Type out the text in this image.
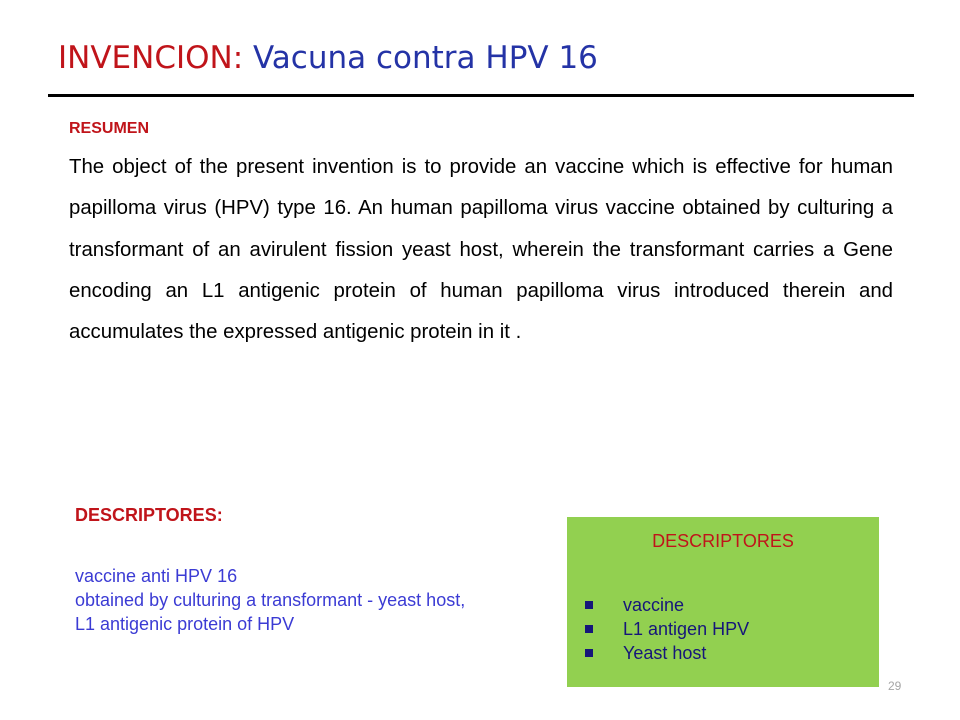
INVENCION: Vacuna contra HPV 16
RESUMEN

The object of the present invention is to provide an vaccine which is effective for human papilloma virus (HPV) type 16. An human papilloma virus vaccine obtained by culturing a transformant of an avirulent fission yeast host, wherein the transformant carries a Gene encoding an L1 antigenic protein of human papilloma virus introduced therein and accumulates the expressed antigenic protein in it .

DESCRIPTORES:
vaccine anti HPV 16
obtained by culturing a transformant - yeast host,
L1 antigenic protein of HPV
DESCRIPTORES
vaccine
L1 antigen HPV
Yeast host
29
